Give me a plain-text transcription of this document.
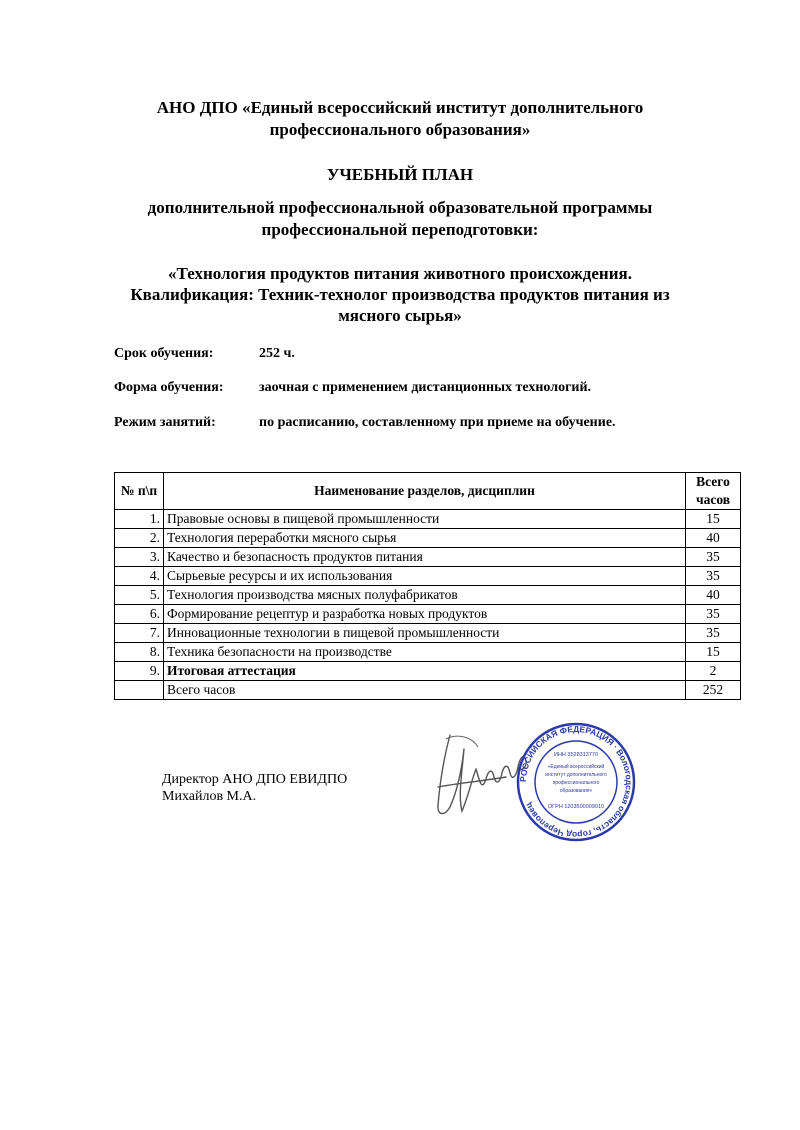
АНО ДПО «Единый всероссийский институт дополнительного
профессионального образования»
УЧЕБНЫЙ ПЛАН
дополнительной профессиональной образовательной программы
профессиональной переподготовки:
«Технология продуктов питания животного происхождения.
Квалификация: Техник-технолог производства продуктов питания из
мясного сырья»
Срок обучения:	252 ч.
Форма обучения:	заочная с применением дистанционных технологий.
Режим занятий:	по расписанию, составленному при приеме на обучение.
№ п\п	Наименование разделов, дисциплин	Всего
часов

1.	Правовые основы в пищевой промышленности	15
2.	Технология переработки мясного сырья	40
3.	Качество и безопасность продуктов питания	35
4.	Сырьевые ресурсы и их использования	35
5.	Технология производства мясных полуфабрикатов	40
6.	Формирование рецептур и разработка новых продуктов	35
7.	Инновационные технологии в пищевой промышленности	35
8.	Техника безопасности на производстве	15
9.	Итоговая аттестация	2
	Всего часов	252
Директор АНО ДПО ЕВИДПО
Михайлов М.А.
РОССИЙСКАЯ ФЕДЕРАЦИЯ · Вологодская область, город Череповец
ИНН 3528313770
«Единый всероссийский
институт дополнительного
профессионального
образования»
ОГРН 1203500009010
